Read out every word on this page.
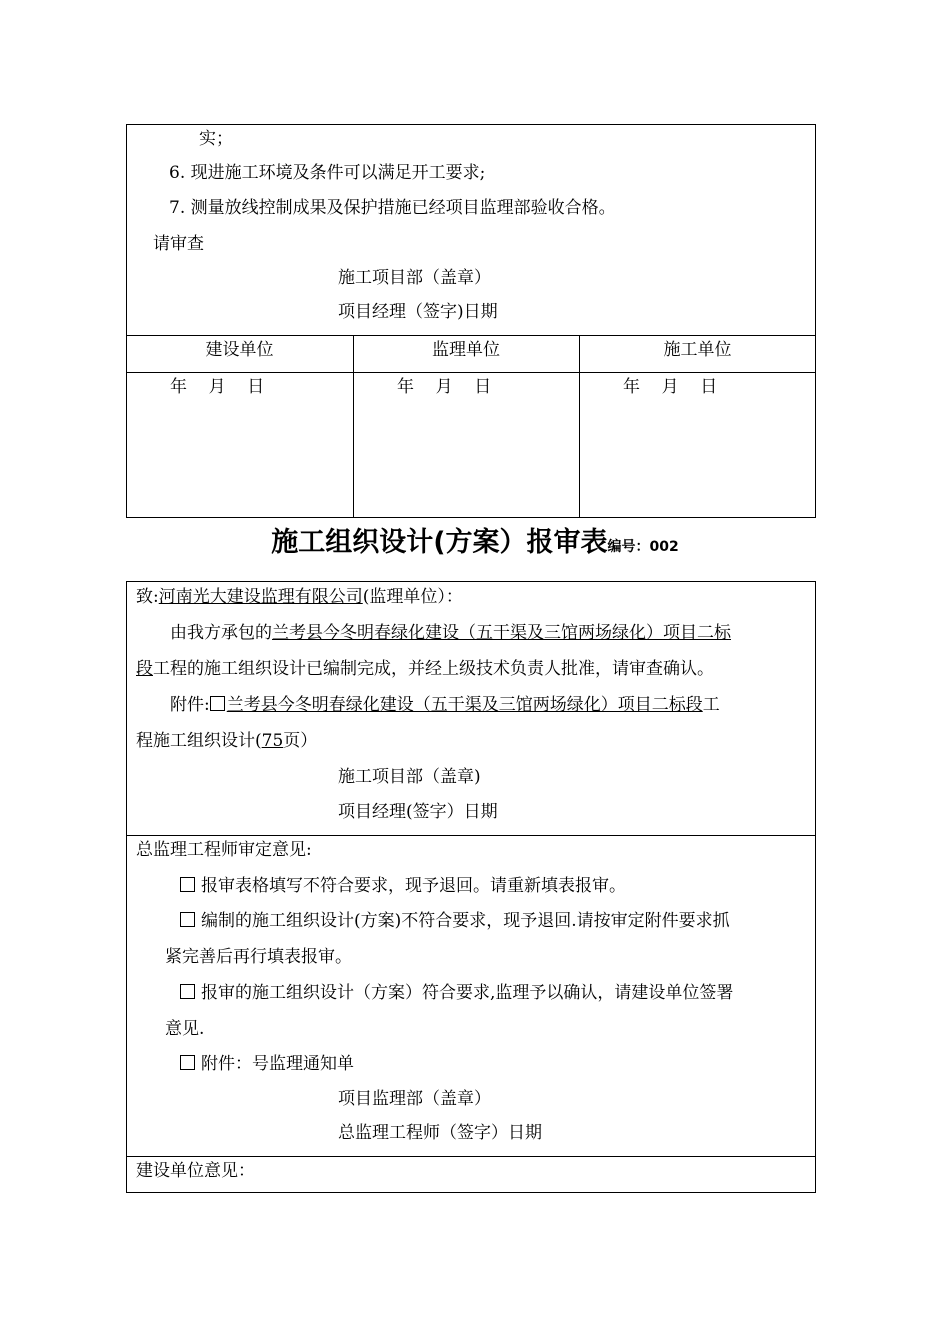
实；
6. 现进施工环境及条件可以满足开工要求;
7. 测量放线控制成果及保护措施已经项目监理部验收合格。
请审查
施工项目部（盖章）
项目经理（签字)日期
建设单位	监理单位	施工单位
年    月    日	年    月    日	年    月    日
施工组织设计(方案）报审表编号：002
致:河南光大建设监理有限公司(监理单位）：
由我方承包的兰考县今冬明春绿化建设（五干渠及三馆两场绿化）项目二标
段工程的施工组织设计已编制完成，并经上级技术负责人批准，请审查确认。
附件: 兰考县今冬明春绿化建设（五干渠及三馆两场绿化）项目二标段工
程施工组织设计(75页）
施工项目部（盖章)
项目经理(签字）日期
总监理工程师审定意见:
报审表格填写不符合要求，现予退回。请重新填表报审。
编制的施工组织设计(方案)不符合要求，现予退回.请按审定附件要求抓
紧完善后再行填表报审。
报审的施工组织设计（方案）符合要求,监理予以确认，请建设单位签署
意见.
附件：号监理通知单
项目监理部（盖章）
总监理工程师（签字）日期
建设单位意见：
